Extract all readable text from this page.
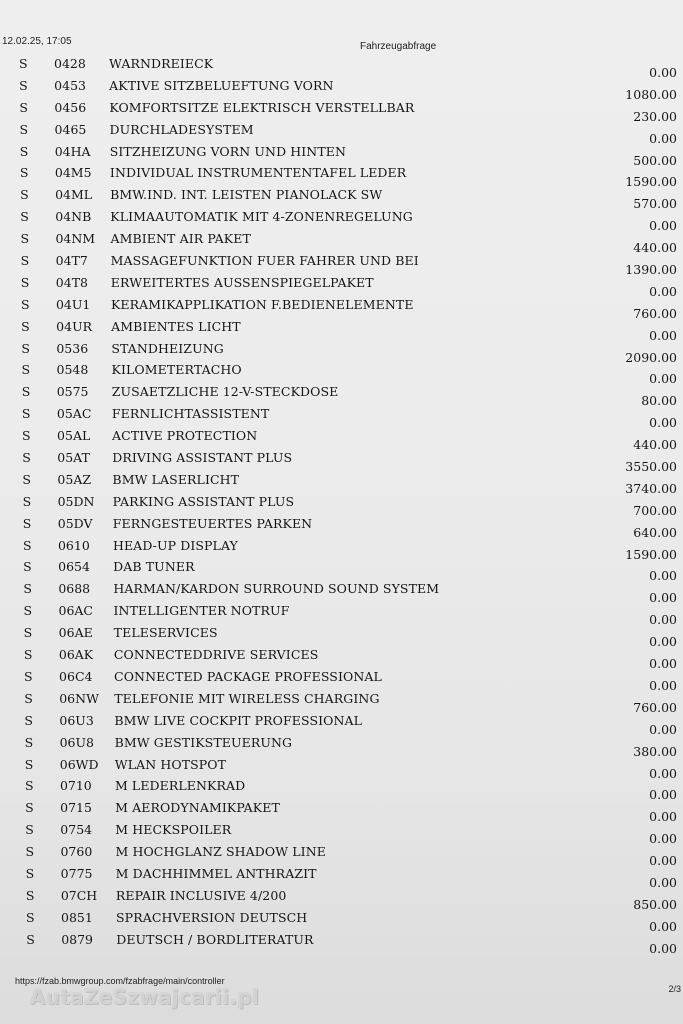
12.02.25, 17:05	Fahrzeugabfrage
S 0428 WARNDREIECK
0.00
S 0453 AKTIVE SITZBELUEFTUNG VORN
1080.00
S 0456 KOMFORTSITZE ELEKTRISCH VERSTELLBAR
230.00
S 0465 DURCHLADESYSTEM
0.00
S 04HA SITZHEIZUNG VORN UND HINTEN
500.00
S 04M5 INDIVIDUAL INSTRUMENTENTAFEL LEDER
1590.00
S 04ML BMW.IND. INT. LEISTEN PIANOLACK SW
570.00
S 04NB KLIMAAUTOMATIK MIT 4-ZONENREGELUNG
0.00
S 04NM AMBIENT AIR PAKET
440.00
S 04T7 MASSAGEFUNKTION FUER FAHRER UND BEI
1390.00
S 04T8 ERWEITERTES AUSSENSPIEGELPAKET
0.00
S 04U1 KERAMIKAPPLIKATION F.BEDIENELEMENTE
760.00
S 04UR AMBIENTES LICHT
0.00
S 0536 STANDHEIZUNG
2090.00
S 0548 KILOMETERTACHO
0.00
S 0575 ZUSAETZLICHE 12-V-STECKDOSE
80.00
S 05AC FERNLICHTASSISTENT
0.00
S 05AL ACTIVE PROTECTION
440.00
S 05AT DRIVING ASSISTANT PLUS
3550.00
S 05AZ BMW LASERLICHT
3740.00
S 05DN PARKING ASSISTANT PLUS
700.00
S 05DV FERNGESTEUERTES PARKEN
640.00
S 0610 HEAD-UP DISPLAY
1590.00
S 0654 DAB TUNER
0.00
S 0688 HARMAN/KARDON SURROUND SOUND SYSTEM
0.00
S 06AC INTELLIGENTER NOTRUF
0.00
S 06AE TELESERVICES
0.00
S 06AK CONNECTEDDRIVE SERVICES
0.00
S 06C4 CONNECTED PACKAGE PROFESSIONAL
0.00
S 06NW TELEFONIE MIT WIRELESS CHARGING
760.00
S 06U3 BMW LIVE COCKPIT PROFESSIONAL
0.00
S 06U8 BMW GESTIKSTEUERUNG
380.00
S 06WD WLAN HOTSPOT
0.00
S 0710 M LEDERLENKRAD
0.00
S 0715 M AERODYNAMIKPAKET
0.00
S 0754 M HECKSPOILER
0.00
S 0760 M HOCHGLANZ SHADOW LINE
0.00
S 0775 M DACHHIMMEL ANTHRAZIT
0.00
S 07CH REPAIR INCLUSIVE 4/200
850.00
S 0851 SPRACHVERSION DEUTSCH
0.00
S 0879 DEUTSCH / BORDLITERATUR
0.00
https://fzab.bmwgroup.com/fzabfrage/main/controller
AutaZeSzwajcarii.pl	2/3
